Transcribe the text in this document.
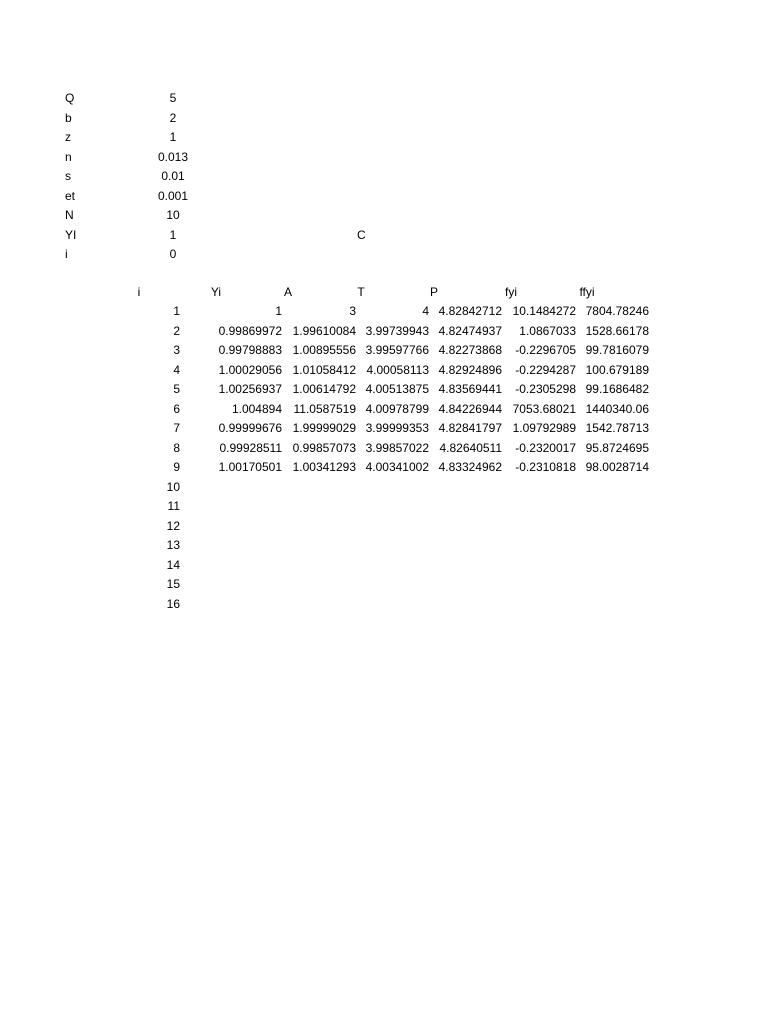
Q	5
b	2
z	1
n	0.013
s	0.01
et	0.001
N	10
YI	1	C
i	0
i	Yi	A	T	P	fyi	ffyi
1	1	3	4 4.82842712 10.1484272 7804.78246
2	0.99869972 1.99610084 3.99739943 4.82474937	1.0867033 1528.66178
3	0.99798883 1.00895556 3.99597766 4.82273868	-0.2296705 99.7816079
4	1.00029056 1.01058412 4.00058113 4.82924896	-0.2294287 100.679189
5	1.00256937 1.00614792 4.00513875 4.83569441	-0.2305298 99.1686482
6	1.004894 11.0587519 4.00978799 4.84226944 7053.68021 1440340.06
7	0.99999676 1.99999029 3.99999353 4.82841797 1.09792989 1542.78713
8	0.99928511 0.99857073 3.99857022 4.82640511	-0.2320017 95.8724695
9	1.00170501 1.00341293 4.00341002 4.83324962	-0.2310818 98.0028714
10
11
12
13
14
15
16
